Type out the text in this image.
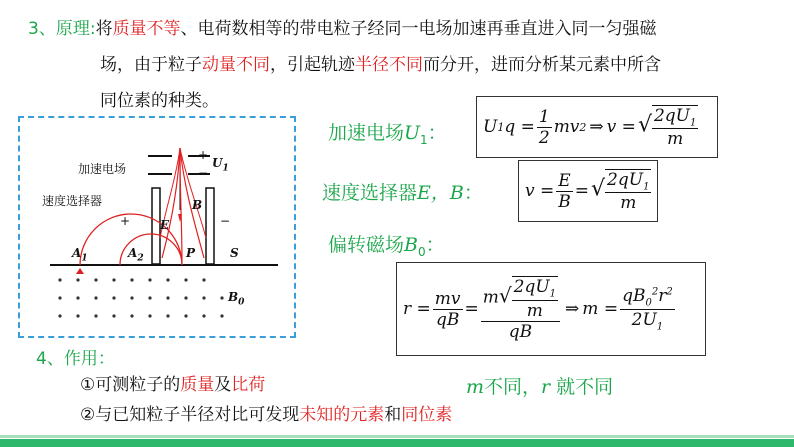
3、原理:将质量不等、电荷数相等的带电粒子经同一电场加速再垂直进入同一匀强磁
场，由于粒子动量不同，引起轨迹半径不同而分开，进而分析某元素中所含
同位素的种类。
加速电场
速度选择器
+
−
$U_1$
+	−
E
B
$A_1$	$A_2$	P	S
$B_0$
加速电场$U_1$：
速度选择器E，B：
偏转磁场$B_0$：
U 1 $q = \frac{1}{2}$ mv 2 ⇒ v = √ $\frac{2qU_1}{m}$
$v = \frac{E}{B}$ = √ $\frac{2qU_1}{m}$
$r = \frac{mv}{qB} = \frac{m√ \frac{2qU_1}{m}}{qB}$ ⇒ $m = \frac{qB_0^2r^2}{2U_1}$
4、作用：
①可测粒子的质量及比荷
②与已知粒子半径对比可发现未知的元素和同位素
m不同，r 就不同
